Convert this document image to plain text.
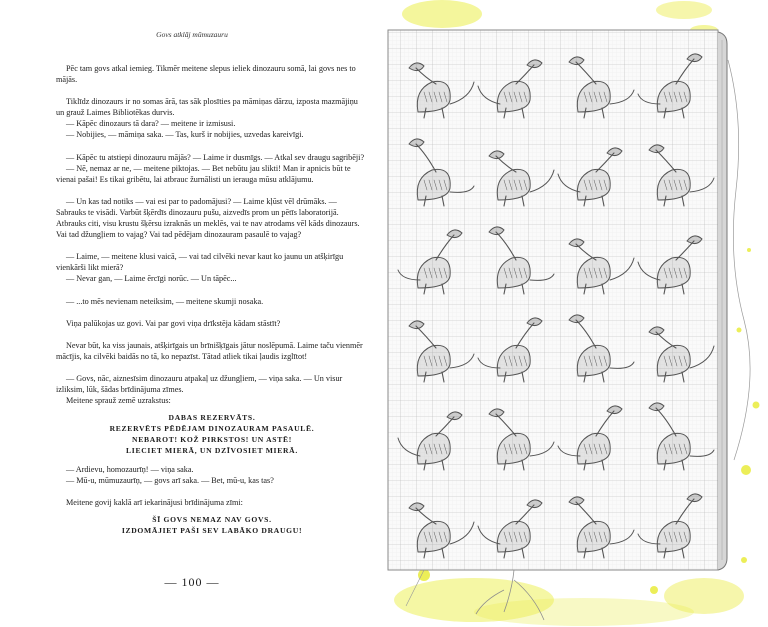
Govs atklāj mūmuzauru

Pēc tam govs atkal iemieg. Tikmēr meitene slepus ieliek dinozauru somā, lai govs nes to mājās.

Tiklīdz dinozaurs ir no somas ārā, tas sāk plosīties pa māmiņas dārzu, izposta mazmājiņu un grauž Laimes Bibliotēkas durvis.

— Kāpēc dinozaurs tā dara? — meitene ir izmisusi.

— Nobijies, — māmiņa saka. — Tas, kurš ir nobijies, uzvedas kareivīgi.

— Kāpēc tu atstiepi dinozauru mājās? — Laime ir dusmīgs. — Atkal sev draugu sagribēji?

— Nē, nemaz ar ne, — meitene piktojas. — Bet nebūtu jau slikti! Man ir apnicis būt te vienai pašai! Es tikai gribētu, lai atbrauc žurnālisti un ierauga mūsu atklājumu.

— Un kas tad notiks — vai esi par to padomājusi? — Laime kļūst vēl drūmāks. — Sabrauks te visādi. Varbūt šķērdīs dinozauru pušu, aizvedīs prom un pētīs laboratorijā. Atbrauks citi, visu krustu šķērsu izraknās un meklēs, vai te nav atrodams vēl kāds dinozaurs. Vai tad džungļiem to vajag? Vai tad pēdējam dinozauram pasaulē to vajag?

— Laime, — meitene klusi vaicā, — vai tad cilvēki nevar kaut ko jaunu un atšķirīgu vienkārši likt mierā?

— Nevar gan, — Laime ērcīgi norūc. — Un tāpēc...

— ...to mēs nevienam neteiksim, — meitene skumji nosaka.

Viņa palūkojas uz govi. Vai par govi viņa drīkstēja kādam stāstīt?

Nevar būt, ka viss jaunais, atšķirīgais un brīnišķīgais jātur noslēpumā. Laime taču vienmēr mācījis, ka cilvēki baidās no tā, ko nepazīst. Tātad atliek tikai ļaudis izglītot!

— Govs, nāc, aiznesīsim dinozauru atpakaļ uz džungļiem, — viņa saka. — Un visur izliksim, lūk, šādas brīdinājuma zīmes.

Meitene sprauž zemē uzrakstus:

DABAS REZERVĀTS.
REZERVĒTS PĒDĒJAM DINOZAURAM PASAULĒ.
NEBAROT! KOŽ PIRKSTOS! UN ASTĒ!
LIECIET MIERĀ, UN DZĪVOSIET MIERĀ.

— Ardievu, homozaurīņ! — viņa saka.

— Mū-u, mūmuzaurīņ, — govs arī saka. — Bet, mū-u, kas tas?

Meitene govij kaklā arī iekarinājusi brīdinājuma zīmi:

ŠĪ GOVS NEMAZ NAV GOVS.
IZDOMĀJIET PAŠI SEV LABĀKO DRAUGU!
— 100 —
